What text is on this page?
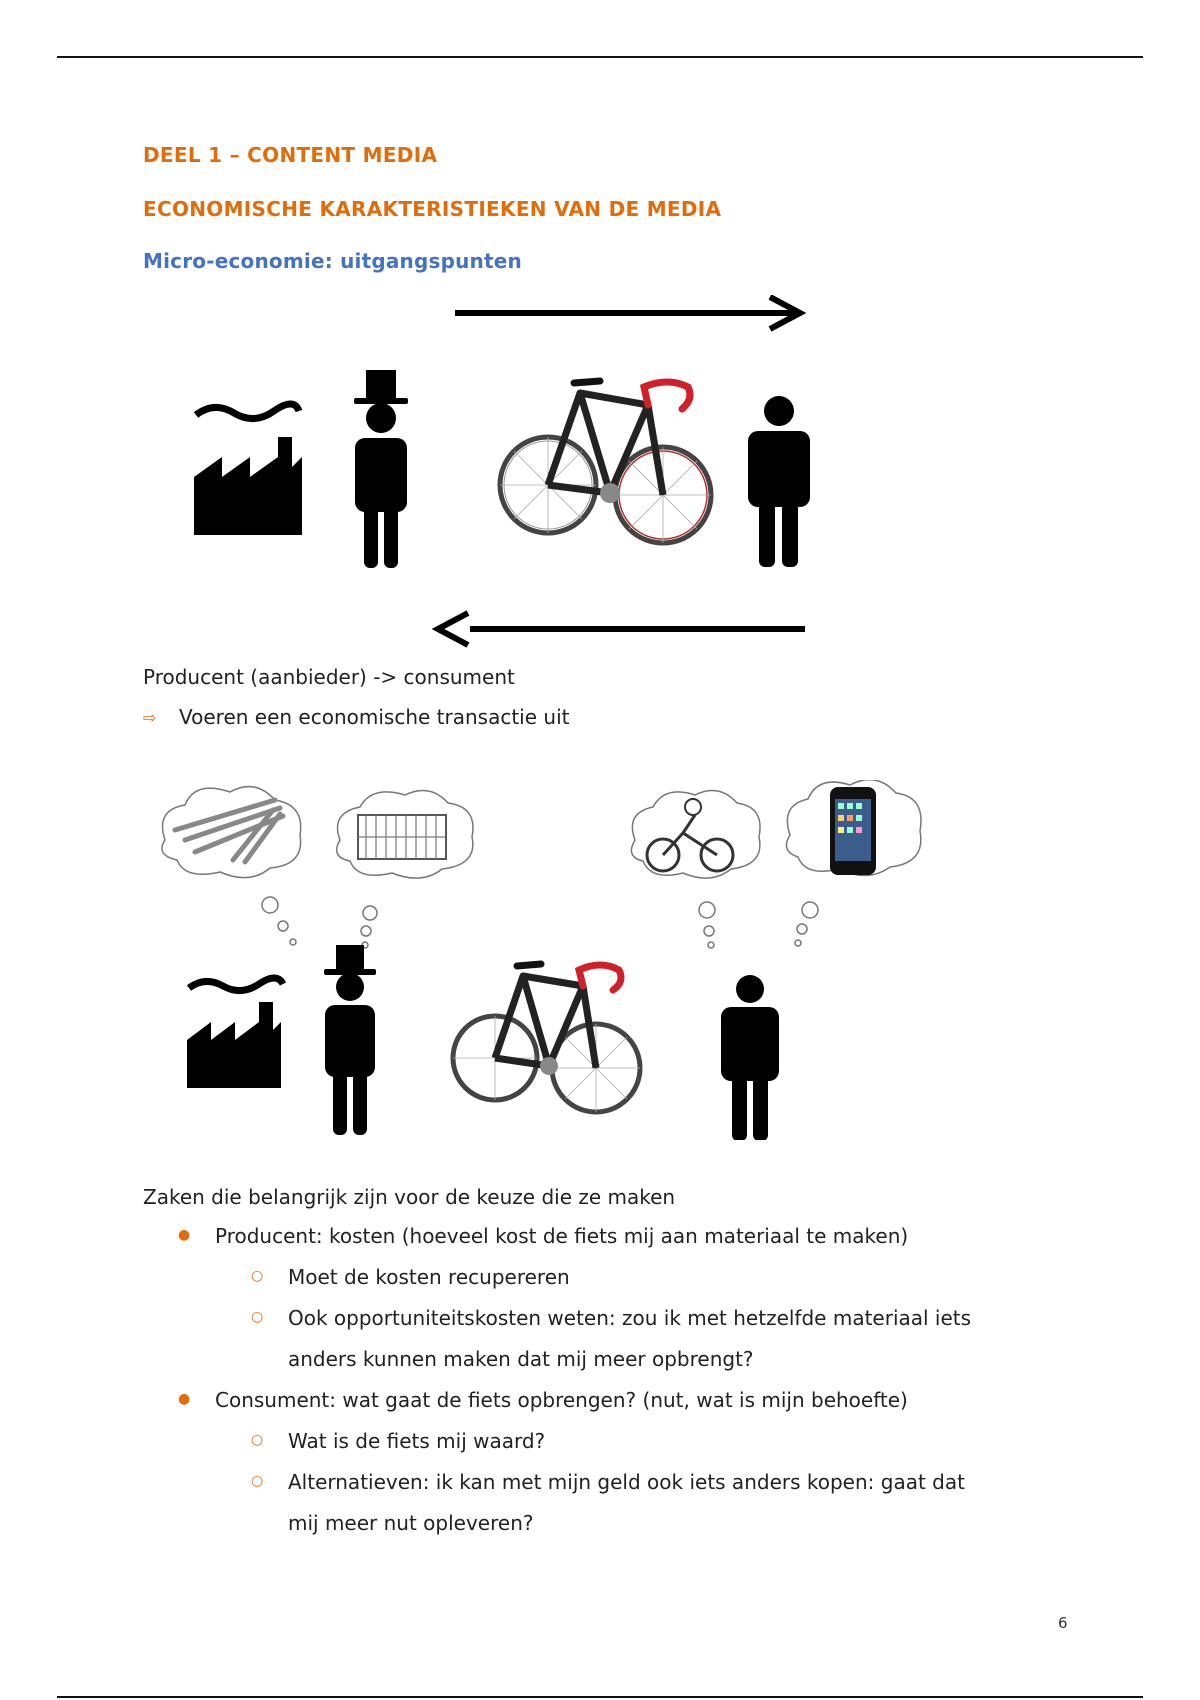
DEEL 1 – CONTENT MEDIA
ECONOMISCHE KARAKTERISTIEKEN VAN DE MEDIA
Micro-economie: uitgangspunten
Producent (aanbieder) -> consument
⇨ Voeren een economische transactie uit
Zaken die belangrijk zijn voor de keuze die ze maken
● Producent: kosten (hoeveel kost de fiets mij aan materiaal te maken)
○ Moet de kosten recupereren
○ Ook opportuniteitskosten weten: zou ik met hetzelfde materiaal iets
anders kunnen maken dat mij meer opbrengt?
● Consument: wat gaat de fiets opbrengen? (nut, wat is mijn behoefte)
○ Wat is de fiets mij waard?
○ Alternatieven: ik kan met mijn geld ook iets anders kopen: gaat dat
mij meer nut opleveren?
6
